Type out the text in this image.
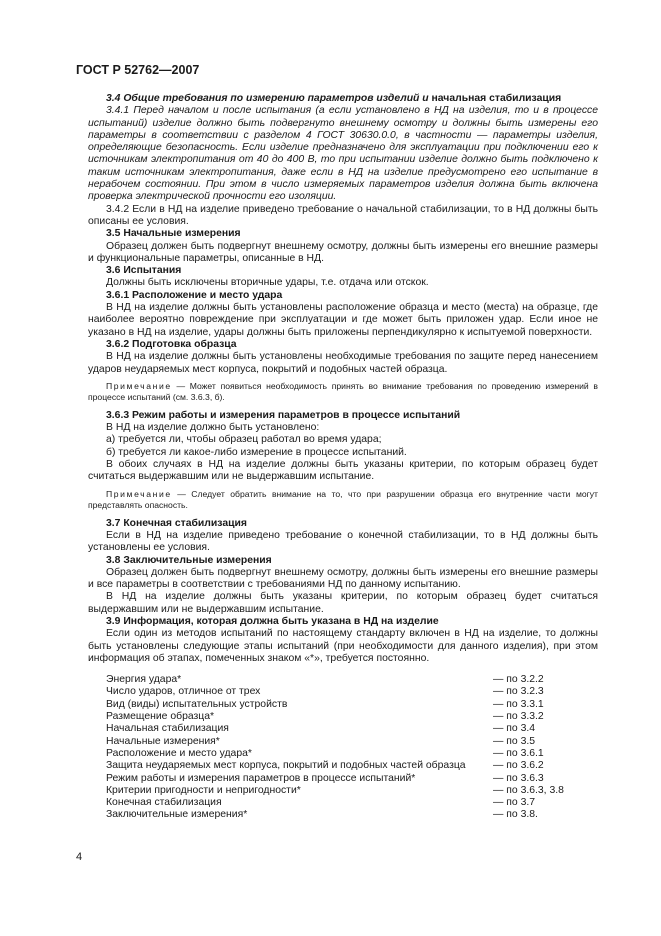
ГОСТ Р 52762—2007

3.4 Общие требования по измерению параметров изделий и начальная стабилизация

3.4.1 Перед началом и после испытания (а если установлено в НД на изделия, то и в процессе испытаний) изделие должно быть подвергнуто внешнему осмотру и должны быть измерены его параметры в соответствии с разделом 4 ГОСТ 30630.0.0, в частности — параметры изделия, определяющие безопасность. Если изделие предназначено для эксплуатации при подключении его к источникам электропитания от 40 до 400 В, то при испытании изделие должно быть подключено к таким источникам электропитания, даже если в НД на изделие предусмотрено его испытание в нерабочем состоянии. При этом в число измеряемых параметров изделия должна быть включена проверка электрической прочности его изоляции.

3.4.2 Если в НД на изделие приведено требование о начальной стабилизации, то в НД должны быть описаны ее условия.

3.5 Начальные измерения

Образец должен быть подвергнут внешнему осмотру, должны быть измерены его внешние размеры и функциональные параметры, описанные в НД.

3.6 Испытания

Должны быть исключены вторичные удары, т.е. отдача или отскок.

3.6.1 Расположение и место удара

В НД на изделие должны быть установлены расположение образца и место (места) на образце, где наиболее вероятно повреждение при эксплуатации и где может быть приложен удар. Если иное не указано в НД на изделие, удары должны быть приложены перпендикулярно к испытуемой поверхности.

3.6.2 Подготовка образца

В НД на изделие должны быть установлены необходимые требования по защите перед нанесением ударов неударяемых мест корпуса, покрытий и подобных частей образца.

Примечание — Может появиться необходимость принять во внимание требования по проведению измерений в процессе испытаний (см. 3.6.3, б).

3.6.3 Режим работы и измерения параметров в процессе испытаний

В НД на изделие должно быть установлено:

а) требуется ли, чтобы образец работал во время удара;

б) требуется ли какое-либо измерение в процессе испытаний.

В обоих случаях в НД на изделие должны быть указаны критерии, по которым образец будет считаться выдержавшим или не выдержавшим испытание.

Примечание — Следует обратить внимание на то, что при разрушении образца его внутренние части могут представлять опасность.

3.7 Конечная стабилизация

Если в НД на изделие приведено требование о конечной стабилизации, то в НД должны быть установлены ее условия.

3.8 Заключительные измерения

Образец должен быть подвергнут внешнему осмотру, должны быть измерены его внешние размеры и все параметры в соответствии с требованиями НД по данному испытанию.

В НД на изделие должны быть указаны критерии, по которым образец будет считаться выдержавшим или не выдержавшим испытание.

3.9 Информация, которая должна быть указана в НД на изделие

Если один из методов испытаний по настоящему стандарту включен в НД на изделие, то должны быть установлены следующие этапы испытаний (при необходимости для данного изделия), при этом информация об этапах, помеченных знаком «*», требуется постоянно.

Энергия удара*	— по 3.2.2
Число ударов, отличное от трех	— по 3.2.3
Вид (виды) испытательных устройств	— по 3.3.1
Размещение образца*	— по 3.3.2
Начальная стабилизация	— по 3.4
Начальные измерения*	— по 3.5
Расположение и место удара*	— по 3.6.1
Защита неударяемых мест корпуса, покрытий и подобных частей образца	— по 3.6.2
Режим работы и измерения параметров в процессе испытаний*	— по 3.6.3
Критерии пригодности и непригодности*	— по 3.6.3, 3.8
Конечная стабилизация	— по 3.7
Заключительные измерения*	— по 3.8.
4
